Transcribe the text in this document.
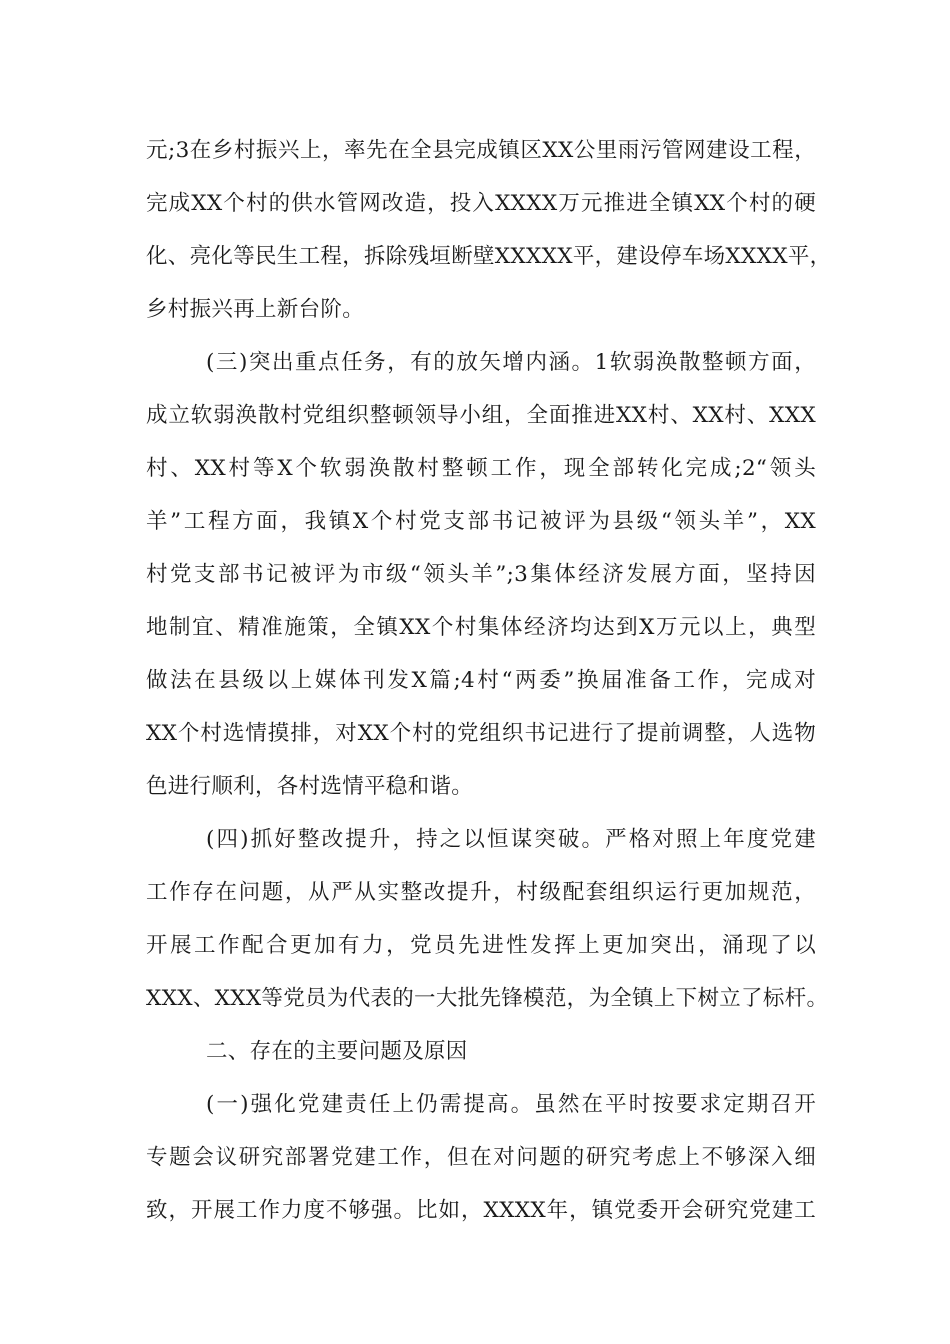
元;3在乡村振兴上，率先在全县完成镇区XX公里雨污管网建设工程，
完成XX个村的供水管网改造，投入XXXX万元推进全镇XX个村的硬
化、亮化等民生工程，拆除残垣断壁XXXXX平，建设停车场XXXX平，
乡村振兴再上新台阶。
(三)突出重点任务，有的放矢增内涵。1软弱涣散整顿方面，
成立软弱涣散村党组织整顿领导小组，全面推进XX村、XX村、XXX
村、XX村等X个软弱涣散村整顿工作，现全部转化完成;2“领头
羊”工程方面，我镇X个村党支部书记被评为县级“领头羊”，XX
村党支部书记被评为市级“领头羊”;3集体经济发展方面，坚持因
地制宜、精准施策，全镇XX个村集体经济均达到X万元以上，典型
做法在县级以上媒体刊发X篇;4村“两委”换届准备工作，完成对
XX个村选情摸排，对XX个村的党组织书记进行了提前调整，人选物
色进行顺利，各村选情平稳和谐。
(四)抓好整改提升，持之以恒谋突破。严格对照上年度党建
工作存在问题，从严从实整改提升，村级配套组织运行更加规范，
开展工作配合更加有力，党员先进性发挥上更加突出，涌现了以
XXX、XXX等党员为代表的一大批先锋模范，为全镇上下树立了标杆。
二、存在的主要问题及原因
(一)强化党建责任上仍需提高。虽然在平时按要求定期召开
专题会议研究部署党建工作，但在对问题的研究考虑上不够深入细
致，开展工作力度不够强。比如，XXXX年，镇党委开会研究党建工
